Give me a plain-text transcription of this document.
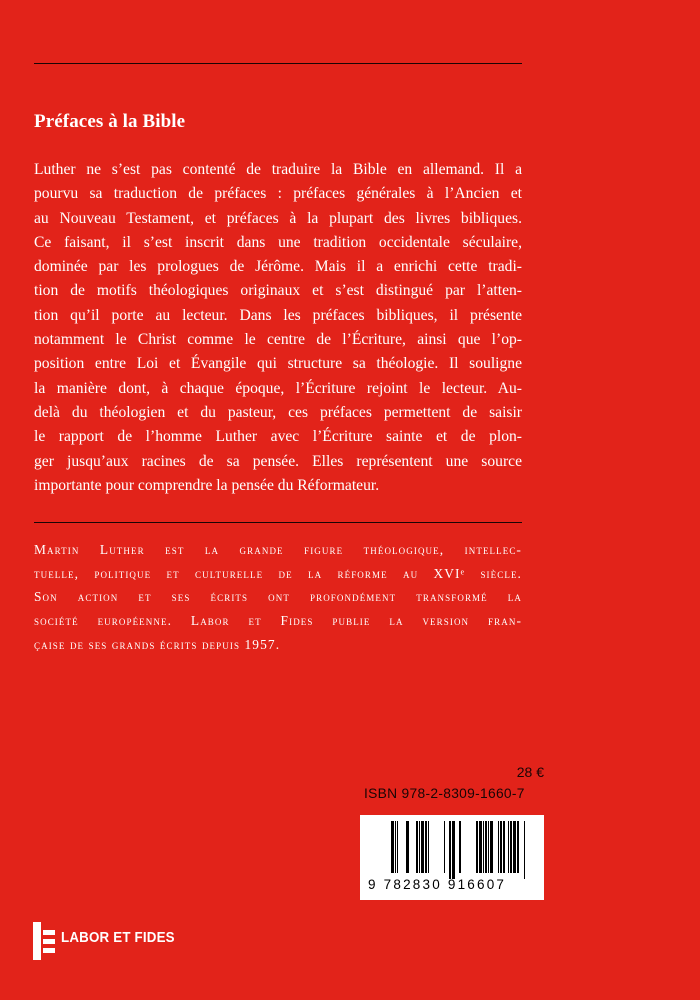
Préfaces à la Bible
Luther ne s’est pas contenté de traduire la Bible en allemand. Il a
pourvu sa traduction de préfaces : préfaces générales à l’Ancien et
au Nouveau Testament, et préfaces à la plupart des livres bibliques.
Ce faisant, il s’est inscrit dans une tradition occidentale séculaire,
dominée par les prologues de Jérôme. Mais il a enrichi cette tradi-
tion de motifs théologiques originaux et s’est distingué par l’atten-
tion qu’il porte au lecteur. Dans les préfaces bibliques, il présente
notamment le Christ comme le centre de l’Écriture, ainsi que l’op-
position entre Loi et Évangile qui structure sa théologie. Il souligne
la manière dont, à chaque époque, l’Écriture rejoint le lecteur. Au-
delà du théologien et du pasteur, ces préfaces permettent de saisir
le rapport de l’homme Luther avec l’Écriture sainte et de plon-
ger jusqu’aux racines de sa pensée. Elles représentent une source
importante pour comprendre la pensée du Réformateur.
Martin Luther est la grande figure théologique, intellec-
tuelle, politique et culturelle de la réforme au XVIᵉ siècle.
Son action et ses écrits ont profondément transformé la
société européenne. Labor et Fides publie la version fran-
çaise de ses grands écrits depuis 1957.
28 €
ISBN 978-2-8309-1660-7
9 782830 916607
LABOR ET FIDES
